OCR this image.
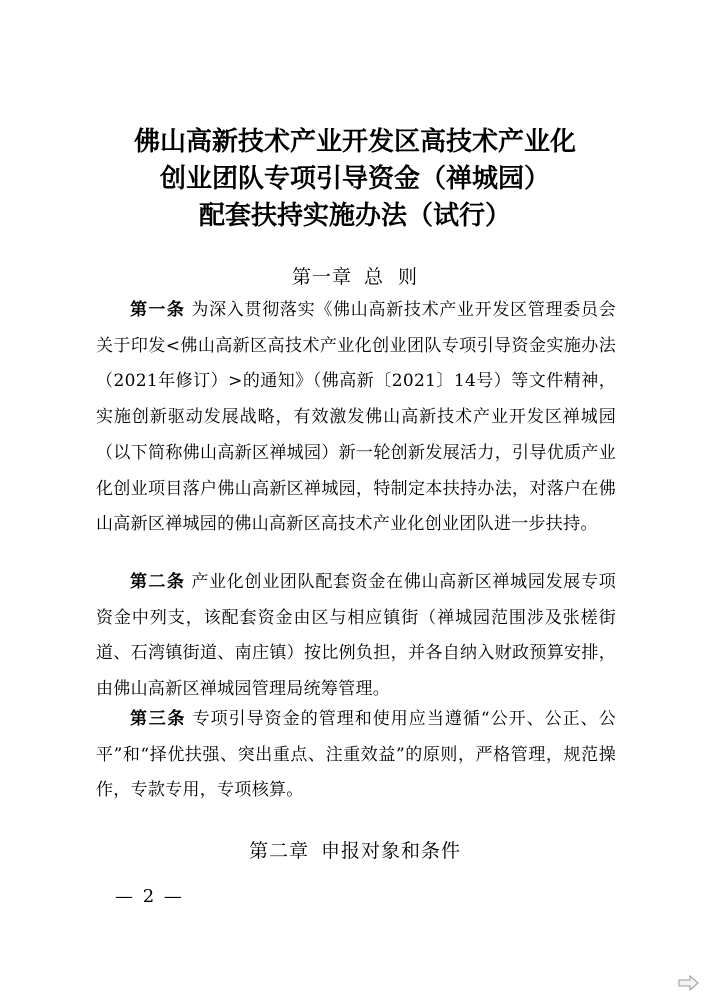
佛山高新技术产业开发区高技术产业化
创业团队专项引导资金（禅城园）
配套扶持实施办法（试行）
第一章 总  则

第一条 为深入贯彻落实《佛山高新技术产业开发区管理委员会关于印发<佛山高新区高技术产业化创业团队专项引导资金实施办法（2021年修订）>的通知》（佛高新〔2021〕14号）等文件精神，实施创新驱动发展战略，有效激发佛山高新技术产业开发区禅城园（以下简称佛山高新区禅城园）新一轮创新发展活力，引导优质产业化创业项目落户佛山高新区禅城园，特制定本扶持办法，对落户在佛山高新区禅城园的佛山高新区高技术产业化创业团队进一步扶持。

第二条 产业化创业团队配套资金在佛山高新区禅城园发展专项资金中列支，该配套资金由区与相应镇街（禅城园范围涉及张槎街道、石湾镇街道、南庄镇）按比例负担，并各自纳入财政预算安排，由佛山高新区禅城园管理局统筹管理。

第三条 专项引导资金的管理和使用应当遵循“公开、公正、公平”和“择优扶强、突出重点、注重效益”的原则，严格管理，规范操作，专款专用，专项核算。

第二章 申报对象和条件
— 2 —
